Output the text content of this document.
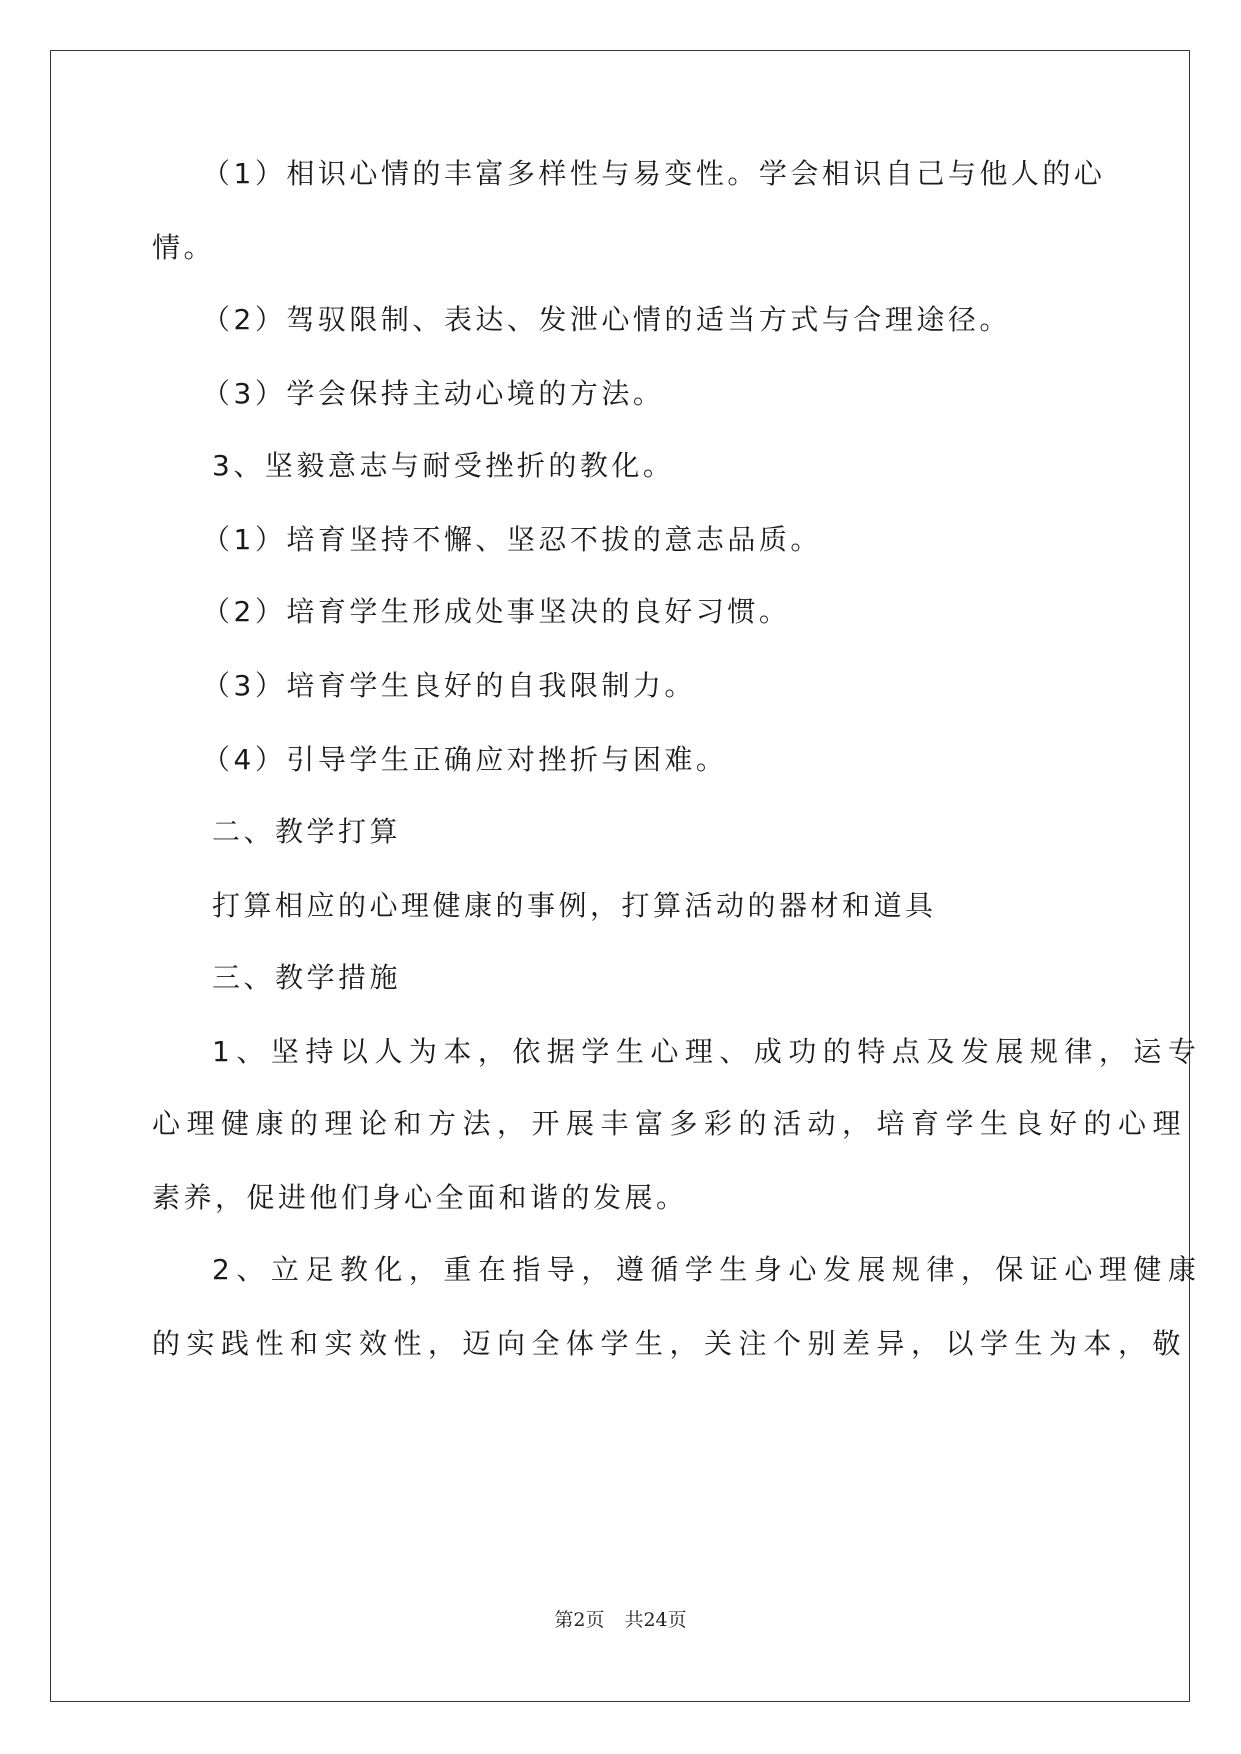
（1）相识心情的丰富多样性与易变性。学会相识自己与他人的心

情。

（2）驾驭限制、表达、发泄心情的适当方式与合理途径。

（3）学会保持主动心境的方法。

3、坚毅意志与耐受挫折的教化。

（1）培育坚持不懈、坚忍不拔的意志品质。

（2）培育学生形成处事坚决的良好习惯。

（3）培育学生良好的自我限制力。

（4）引导学生正确应对挫折与困难。

二、教学打算

打算相应的心理健康的事例，打算活动的器材和道具

三、教学措施

1、坚持以人为本，依据学生心理、成功的特点及发展规律，运专

心理健康的理论和方法，开展丰富多彩的活动，培育学生良好的心理

素养，促进他们身心全面和谐的发展。

2、立足教化，重在指导，遵循学生身心发展规律，保证心理健康

的实践性和实效性，迈向全体学生，关注个别差异，以学生为本，敬

第2页 共24页
